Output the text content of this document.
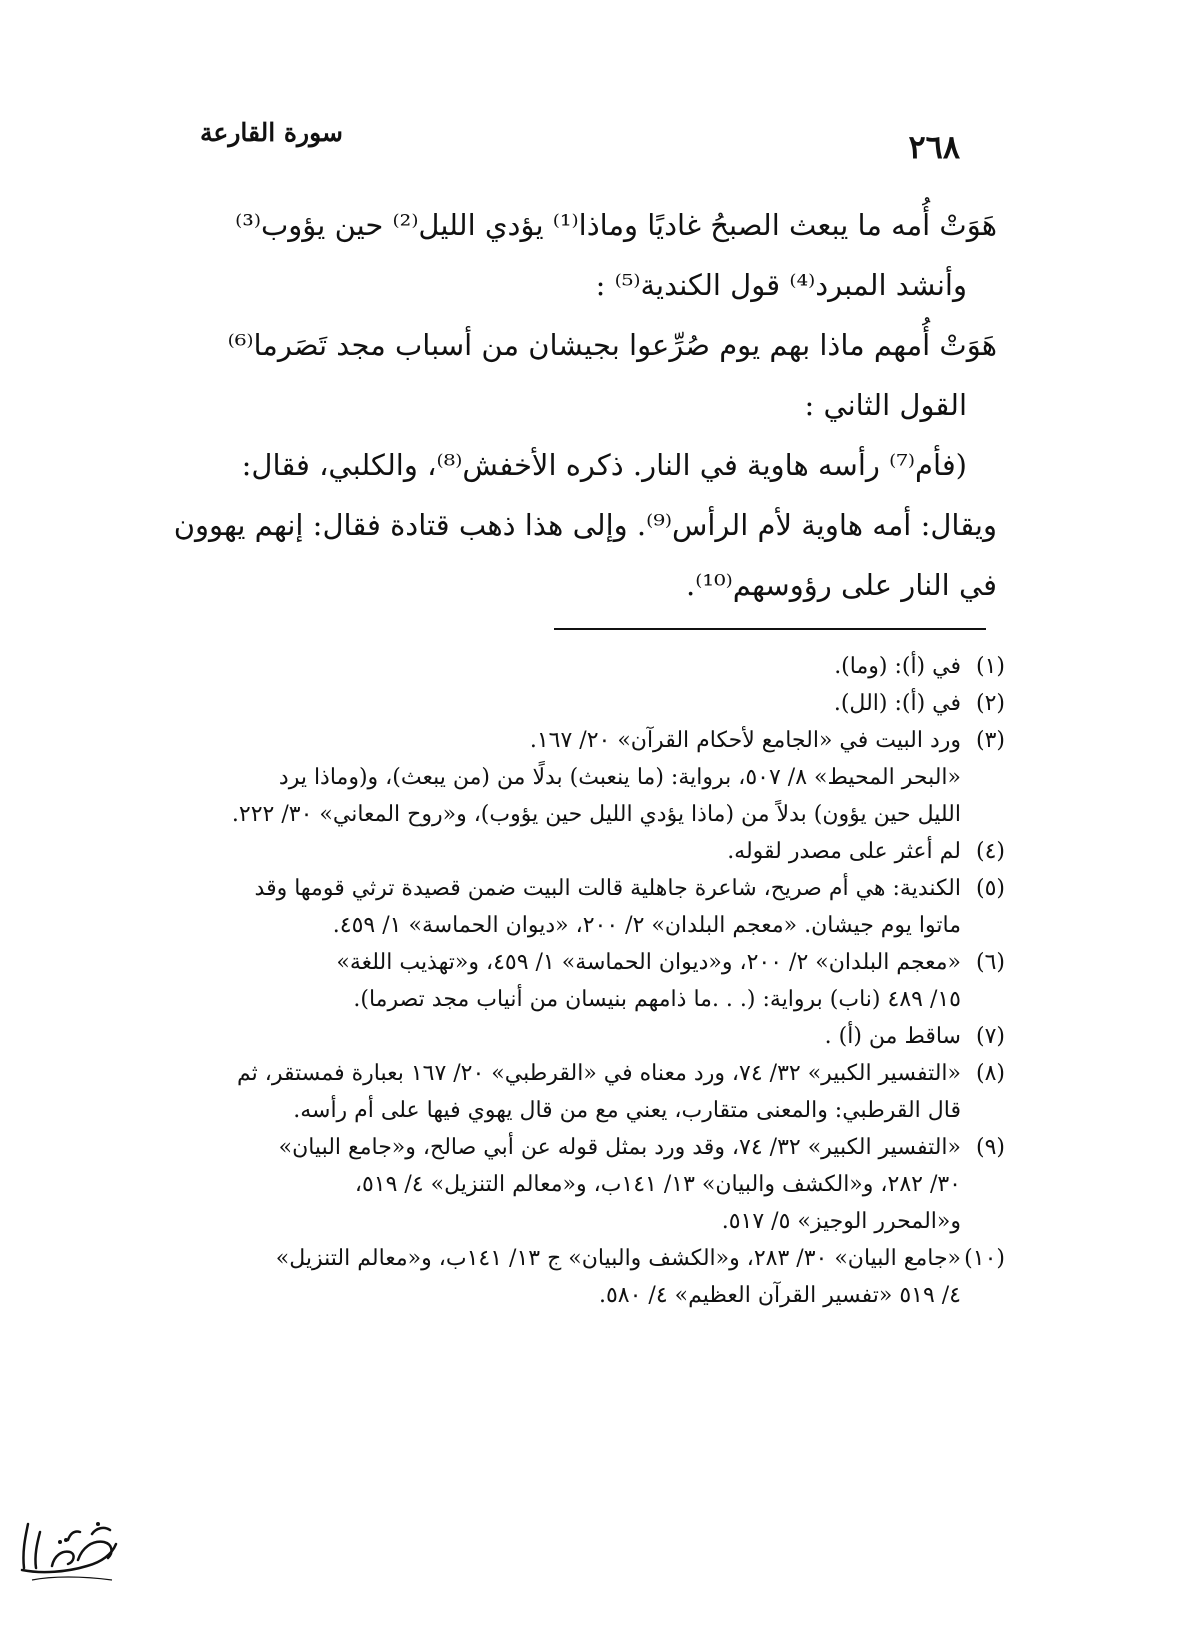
٢٦٨
سورة القارعة
هَوَتْ أُمه ما يبعث الصبحُ غاديًا وماذا⁽¹⁾ يؤدي الليل⁽²⁾ حين يؤوب⁽³⁾
وأنشد المبرد⁽⁴⁾ قول الكندية⁽⁵⁾ :
هَوَتْ أُمهم ماذا بهم يوم صُرِّعوا بجيشان من أسباب مجد تَصَرما⁽⁶⁾
القول الثاني :
(فأم⁽⁷⁾ رأسه هاوية في النار. ذكره الأخفش⁽⁸⁾، والكلبي، فقال:
ويقال: أمه هاوية لأم الرأس⁽⁹⁾. وإلى هذا ذهب قتادة فقال: إنهم يهوون
في النار على رؤوسهم⁽¹⁰⁾.
(١)
في (أ): (وما).
(٢)
في (أ): (الل).
(٣)
ورد البيت في «الجامع لأحكام القرآن» ٢٠/ ١٦٧.
«البحر المحيط» ٨/ ٥٠٧، برواية: (ما ينعبث) بدلًا من (من يبعث)، و(وماذا يرد
الليل حين يؤون) بدلاً من (ماذا يؤدي الليل حين يؤوب)، و«روح المعاني» ٣٠/ ٢٢٢.
(٤)
لم أعثر على مصدر لقوله.
(٥)
الكندية: هي أم صريح، شاعرة جاهلية قالت البيت ضمن قصيدة ترثي قومها وقد
ماتوا يوم جيشان. «معجم البلدان» ٢/ ٢٠٠، «ديوان الحماسة» ١/ ٤٥٩.
(٦)
«معجم البلدان» ٢/ ٢٠٠، و«ديوان الحماسة» ١/ ٤٥٩، و«تهذيب اللغة»
١٥/ ٤٨٩ (ناب) برواية: (. . .ما ذامهم بنيسان من أنياب مجد تصرما).
(٧)
ساقط من (أ) .
(٨)
«التفسير الكبير» ٣٢/ ٧٤، ورد معناه في «القرطبي» ٢٠/ ١٦٧ بعبارة فمستقر، ثم
قال القرطبي: والمعنى متقارب، يعني مع من قال يهوي فيها على أم رأسه.
(٩)
«التفسير الكبير» ٣٢/ ٧٤، وقد ورد بمثل قوله عن أبي صالح، و«جامع البيان»
٣٠/ ٢٨٢، و«الكشف والبيان» ١٣/ ١٤١ب، و«معالم التنزيل» ٤/ ٥١٩،
و«المحرر الوجيز» ٥/ ٥١٧.
(١٠)
«جامع البيان» ٣٠/ ٢٨٣، و«الكشف والبيان» ج ١٣/ ١٤١ب، و«معالم التنزيل»
٤/ ٥١٩ «تفسير القرآن العظيم» ٤/ ٥٨٠.
